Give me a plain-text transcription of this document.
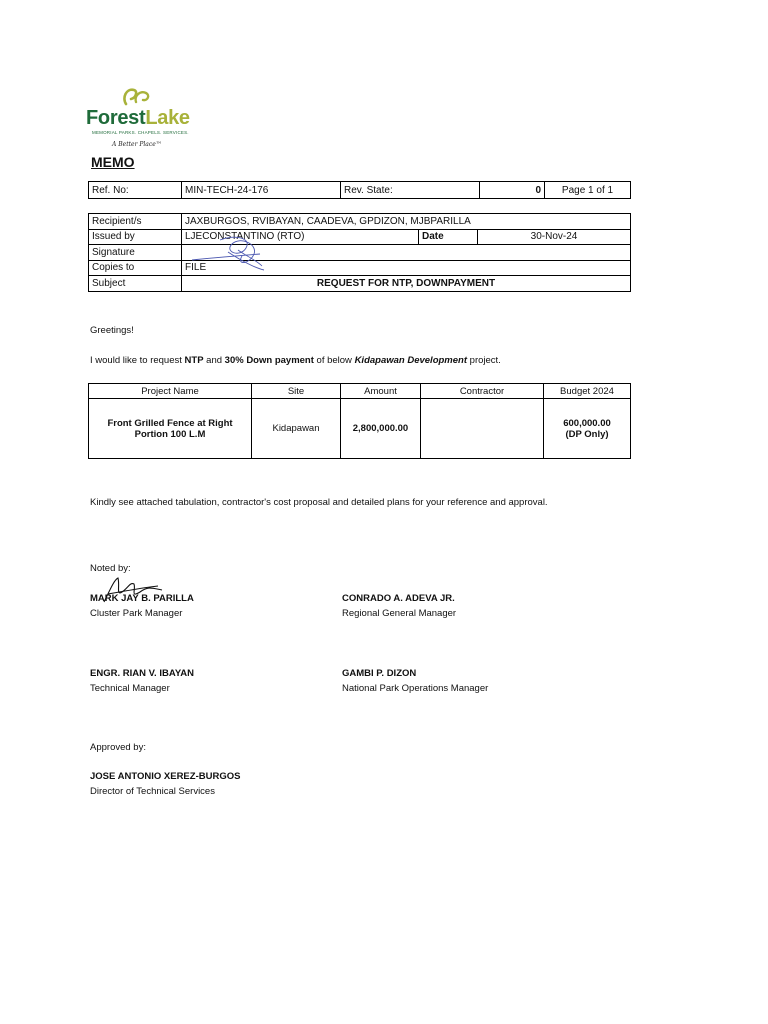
ForestLake
MEMORIAL PARKS. CHAPELS. SERVICES.
A Better Place™
MEMO
Ref. No:	MIN-TECH-24-176	Rev. State:	0	Page 1 of 1
Recipient/s	JAXBURGOS, RVIBAYAN, CAADEVA, GPDIZON, MJBPARILLA		
Issued by	LJECONSTANTINO (RTO)	Date	30-Nov-24
Signature			
Copies to	FILE		
Subject	REQUEST FOR NTP, DOWNPAYMENT		
Greetings!
I would like to request NTP and 30% Down payment of below Kidapawan Development project.
Project Name	Site	Amount	Contractor	Budget 2024
Front Grilled Fence at Right Portion 100 L.M	Kidapawan	2,800,000.00		600,000.00
(DP Only)
Kindly see attached tabulation, contractor's cost proposal and detailed plans for your reference and approval.
Noted by:
MARK JAY B. PARILLA
Cluster Park Manager
CONRADO A. ADEVA JR.
Regional General Manager
ENGR. RIAN V. IBAYAN
Technical Manager
GAMBI P. DIZON
National Park Operations Manager
Approved by:
JOSE ANTONIO XEREZ-BURGOS
Director of Technical Services
